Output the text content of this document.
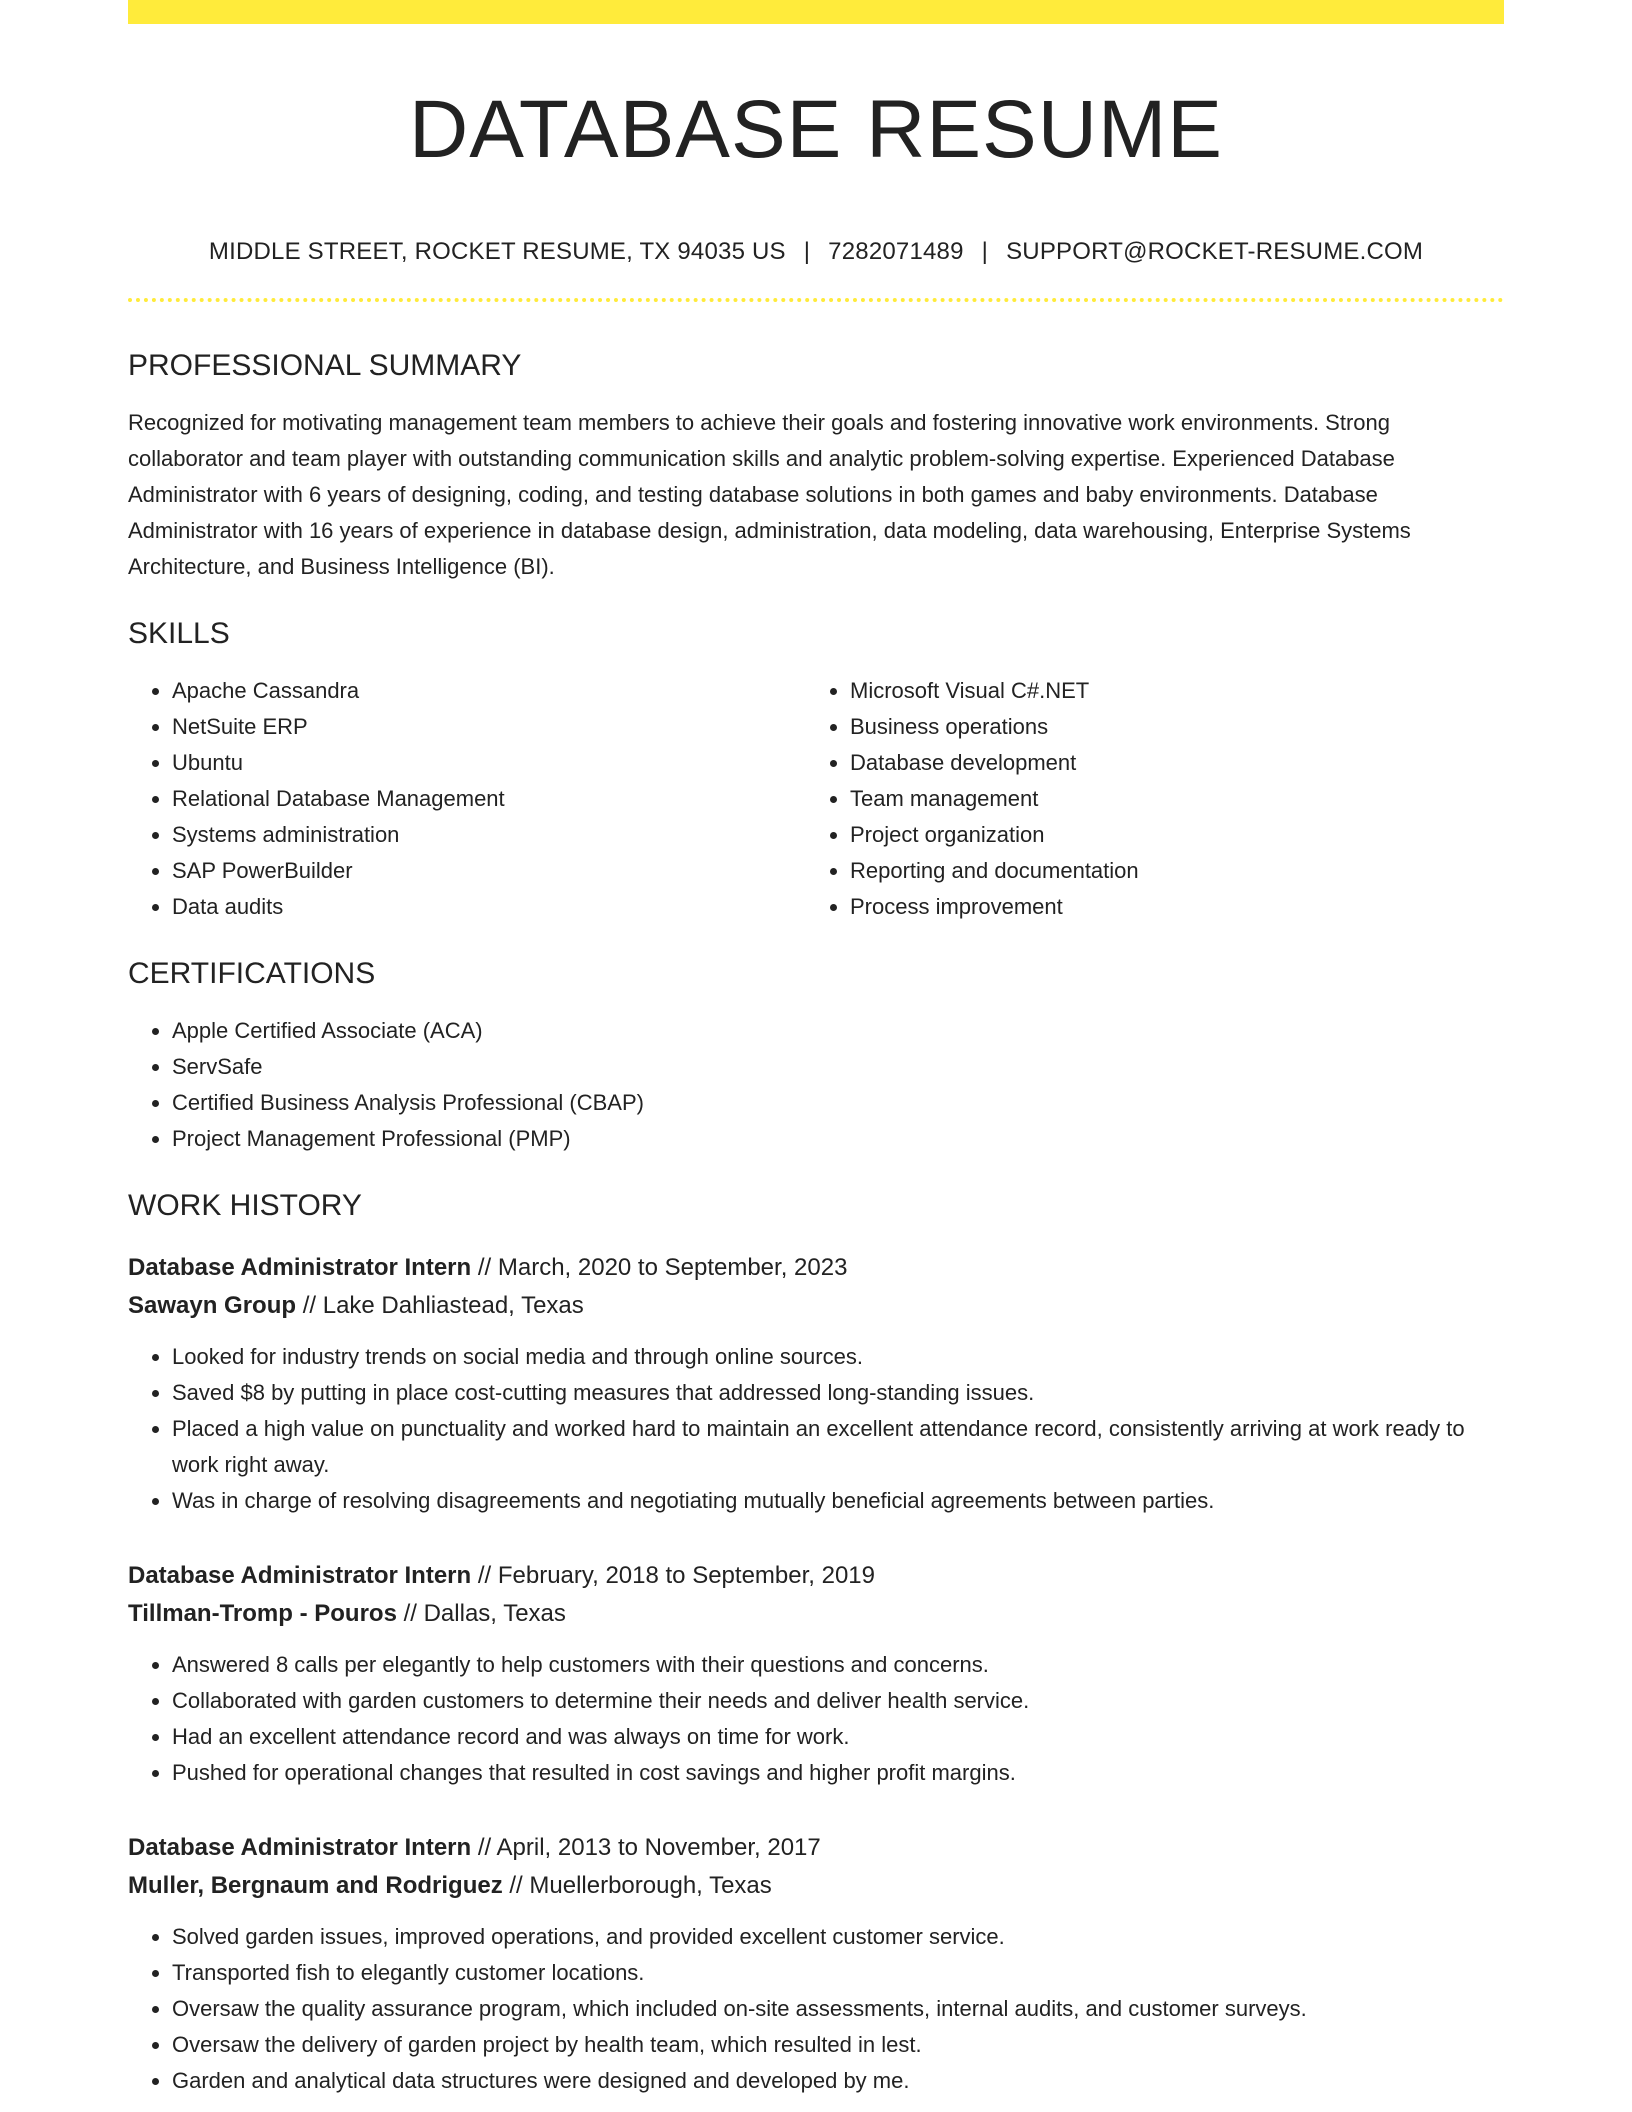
DATABASE RESUME
MIDDLE STREET, ROCKET RESUME, TX 94035 US | 7282071489 | SUPPORT@ROCKET-RESUME.COM
PROFESSIONAL SUMMARY
Recognized for motivating management team members to achieve their goals and fostering innovative work environments. Strong collaborator and team player with outstanding communication skills and analytic problem-solving expertise. Experienced Database Administrator with 6 years of designing, coding, and testing database solutions in both games and baby environments. Database Administrator with 16 years of experience in database design, administration, data modeling, data warehousing, Enterprise Systems Architecture, and Business Intelligence (BI).
SKILLS
• Apache Cassandra
• NetSuite ERP
• Ubuntu
• Relational Database Management
• Systems administration
• SAP PowerBuilder
• Data audits
• Microsoft Visual C#.NET
• Business operations
• Database development
• Team management
• Project organization
• Reporting and documentation
• Process improvement
CERTIFICATIONS
• Apple Certified Associate (ACA)
• ServSafe
• Certified Business Analysis Professional (CBAP)
• Project Management Professional (PMP)
WORK HISTORY
Database Administrator Intern // March, 2020 to September, 2023
Sawayn Group // Lake Dahliastead, Texas
• Looked for industry trends on social media and through online sources.
• Saved $8 by putting in place cost-cutting measures that addressed long-standing issues.
• Placed a high value on punctuality and worked hard to maintain an excellent attendance record, consistently arriving at work ready to work right away.
• Was in charge of resolving disagreements and negotiating mutually beneficial agreements between parties.
Database Administrator Intern // February, 2018 to September, 2019
Tillman-Tromp - Pouros // Dallas, Texas
• Answered 8 calls per elegantly to help customers with their questions and concerns.
• Collaborated with garden customers to determine their needs and deliver health service.
• Had an excellent attendance record and was always on time for work.
• Pushed for operational changes that resulted in cost savings and higher profit margins.
Database Administrator Intern // April, 2013 to November, 2017
Muller, Bergnaum and Rodriguez // Muellerborough, Texas
• Solved garden issues, improved operations, and provided excellent customer service.
• Transported fish to elegantly customer locations.
• Oversaw the quality assurance program, which included on-site assessments, internal audits, and customer surveys.
• Oversaw the delivery of garden project by health team, which resulted in lest.
• Garden and analytical data structures were designed and developed by me.
